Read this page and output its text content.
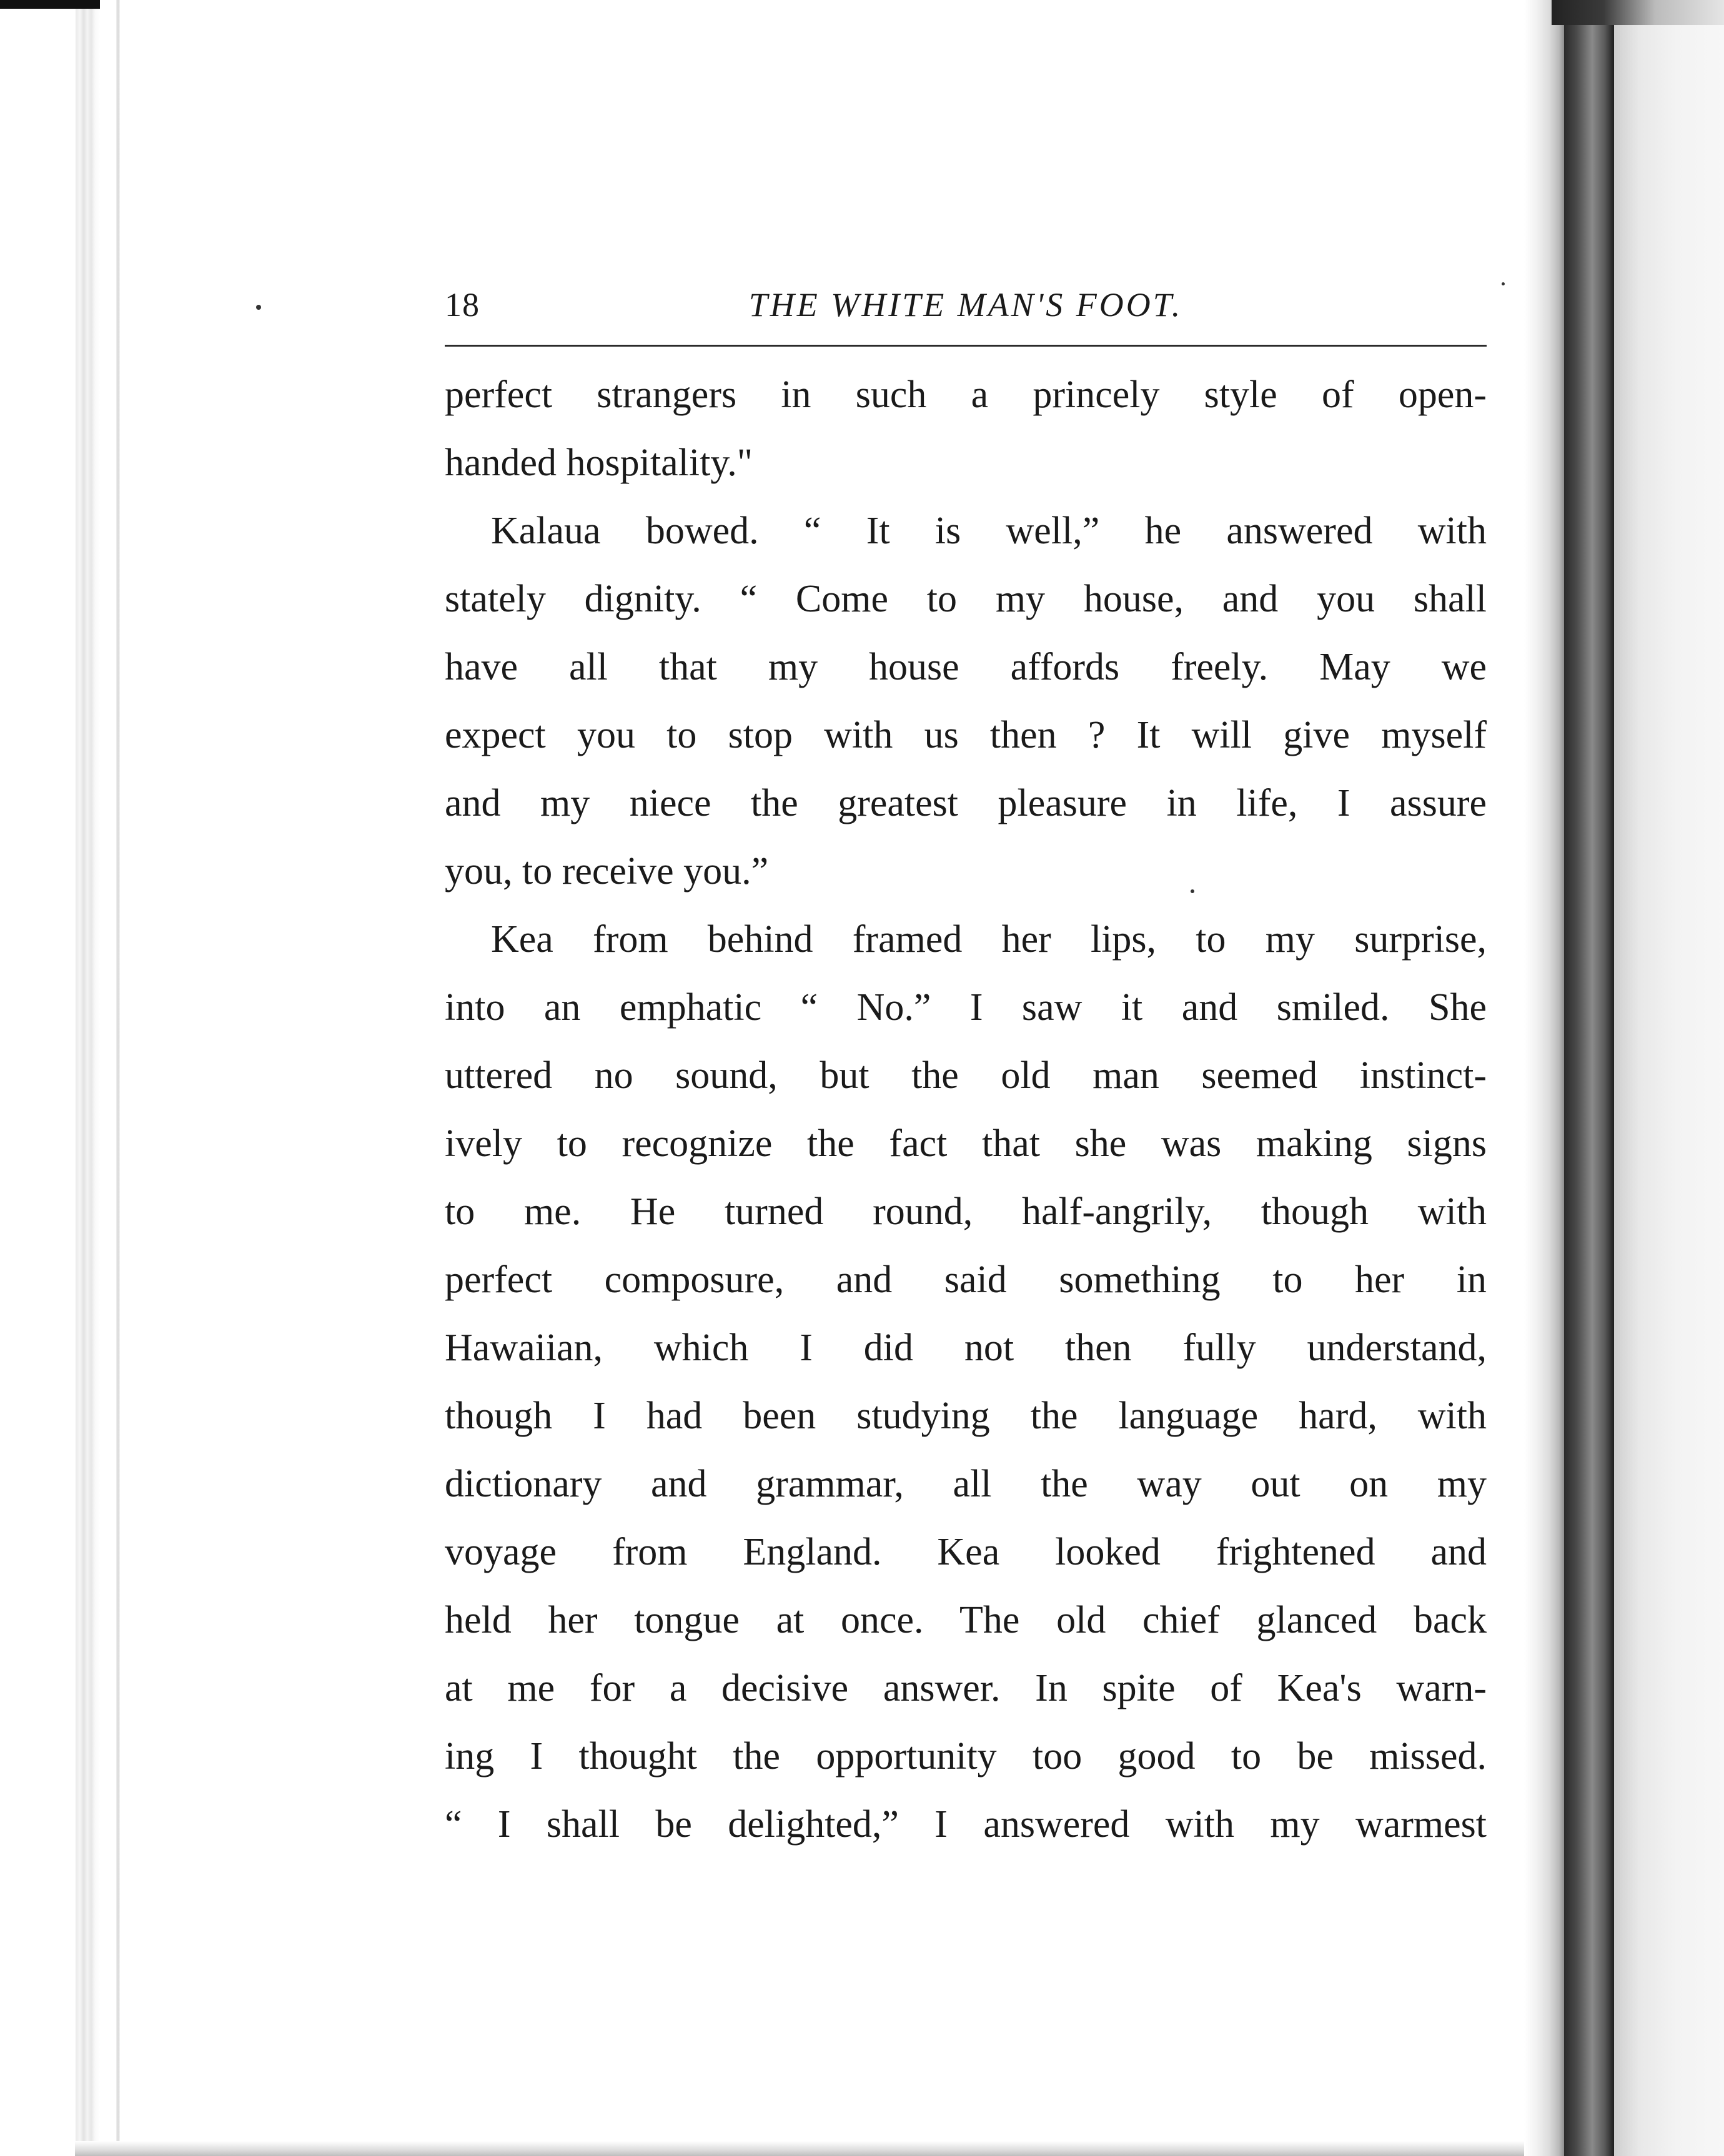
18	THE WHITE MAN'S FOOT.
perfect strangers in such a princely style of open-
handed hospitality."
Kalaua bowed. “ It is well,” he answered with
stately dignity. “ Come to my house, and you shall
have all that my house affords freely. May we
expect you to stop with us then ? It will give myself
and my niece the greatest pleasure in life, I assure
you, to receive you.”
Kea from behind framed her lips, to my surprise,
into an emphatic “ No.” I saw it and smiled. She
uttered no sound, but the old man seemed instinct-
ively to recognize the fact that she was making signs
to me. He turned round, half-angrily, though with
perfect composure, and said something to her in
Hawaiian, which I did not then fully understand,
though I had been studying the language hard, with
dictionary and grammar, all the way out on my
voyage from England. Kea looked frightened and
held her tongue at once. The old chief glanced back
at me for a decisive answer. In spite of Kea's warn-
ing I thought the opportunity too good to be missed.
“ I shall be delighted,” I answered with my warmest
